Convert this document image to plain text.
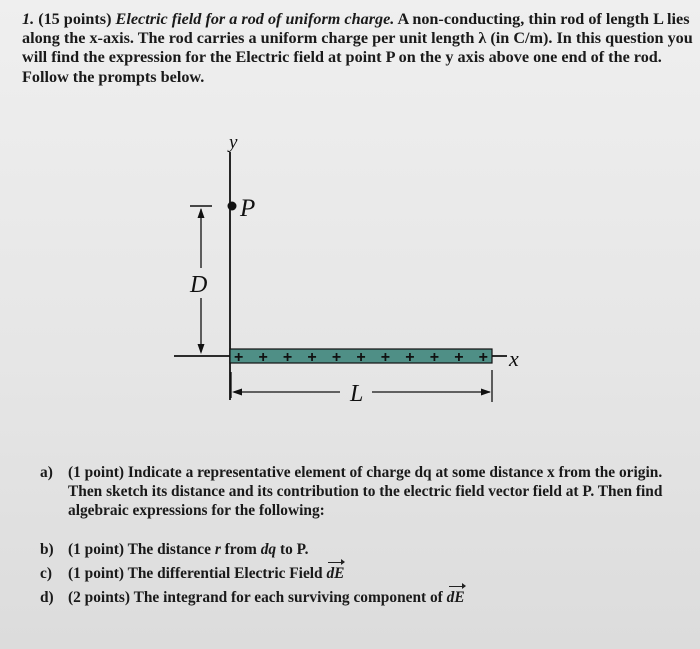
1. (15 points) Electric field for a rod of uniform charge. A non-conducting, thin rod of length L lies along the x-axis. The rod carries a uniform charge per unit length λ (in C/m). In this question you will find the expression for the Electric field at point P on the y axis above one end of the rod. Follow the prompts below.
y
P
D
x
+ + + + + + + + + + +
L
a) (1 point) Indicate a representative element of charge dq at some distance x from the origin. Then sketch its distance and its contribution to the electric field vector field at P. Then find algebraic expressions for the following:
b) (1 point) The distance r from dq to P.
c)	(1 point) The differential Electric Field dE
d) (2 points) The integrand for each surviving component of dE
